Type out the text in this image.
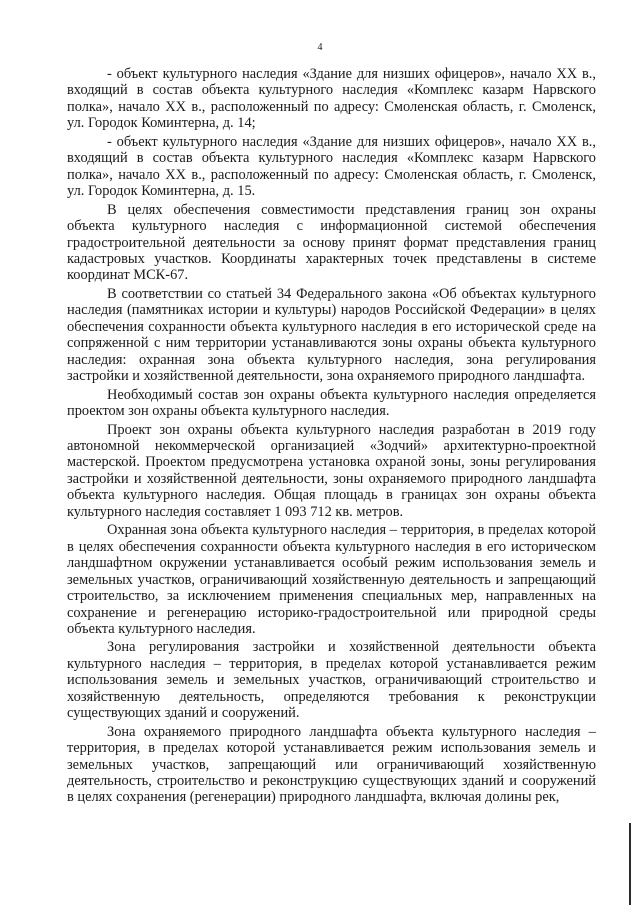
4

- объект культурного наследия «Здание для низших офицеров», начало XX в., входящий в состав объекта культурного наследия «Комплекс казарм Нарвского полка», начало XX в., расположенный по адресу: Смоленская область, г. Смоленск, ул. Городок Коминтерна, д. 14;

- объект культурного наследия «Здание для низших офицеров», начало XX в., входящий в состав объекта культурного наследия «Комплекс казарм Нарвского полка», начало XX в., расположенный по адресу: Смоленская область, г. Смоленск, ул. Городок Коминтерна, д. 15.

В целях обеспечения совместимости представления границ зон охраны объекта культурного наследия с информационной системой обеспечения градостроительной деятельности за основу принят формат представления границ кадастровых участков. Координаты характерных точек представлены в системе координат МСК-67.

В соответствии со статьей 34 Федерального закона «Об объектах культурного наследия (памятниках истории и культуры) народов Российской Федерации» в целях обеспечения сохранности объекта культурного наследия в его исторической среде на сопряженной с ним территории устанавливаются зоны охраны объекта культурного наследия: охранная зона объекта культурного наследия, зона регулирования застройки и хозяйственной деятельности, зона охраняемого природного ландшафта.

Необходимый состав зон охраны объекта культурного наследия определяется проектом зон охраны объекта культурного наследия.

Проект зон охраны объекта культурного наследия разработан в 2019 году автономной некоммерческой организацией «Зодчий» архитектурно-проектной мастерской. Проектом предусмотрена установка охраной зоны, зоны регулирования застройки и хозяйственной деятельности, зоны охраняемого природного ландшафта объекта культурного наследия. Общая площадь в границах зон охраны объекта культурного наследия составляет 1 093 712 кв. метров.

Охранная зона объекта культурного наследия – территория, в пределах которой в целях обеспечения сохранности объекта культурного наследия в его историческом ландшафтном окружении устанавливается особый режим использования земель и земельных участков, ограничивающий хозяйственную деятельность и запрещающий строительство, за исключением применения специальных мер, направленных на сохранение и регенерацию историко-градостроительной или природной среды объекта культурного наследия.

Зона регулирования застройки и хозяйственной деятельности объекта культурного наследия – территория, в пределах которой устанавливается режим использования земель и земельных участков, ограничивающий строительство и хозяйственную деятельность, определяются требования к реконструкции существующих зданий и сооружений.

Зона охраняемого природного ландшафта объекта культурного наследия – территория, в пределах которой устанавливается режим использования земель и земельных участков, запрещающий или ограничивающий хозяйственную деятельность, строительство и реконструкцию существующих зданий и сооружений в целях сохранения (регенерации) природного ландшафта, включая долины рек,
